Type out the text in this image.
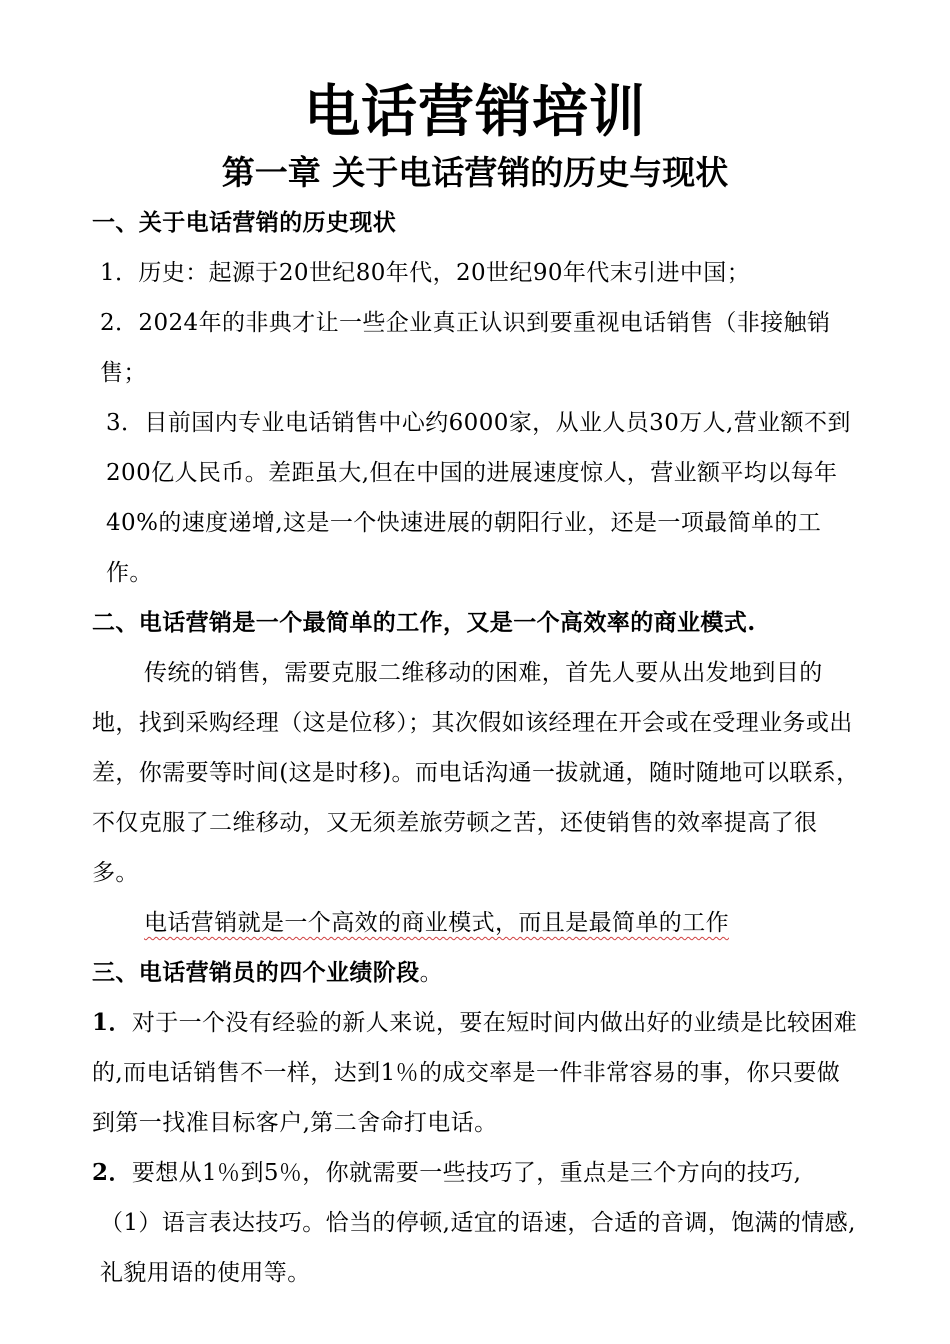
电话营销培训
第一章 关于电话营销的历史与现状

一、关于电话营销的历史现状

1．历史：起源于20世纪80年代，20世纪90年代末引进中国；

2．2024年的非典才让一些企业真正认识到要重视电话销售（非接触销售；

3．目前国内专业电话销售中心约6000家，从业人员30万人,营业额不到200亿人民币。差距虽大,但在中国的进展速度惊人，营业额平均以每年40%的速度递增,这是一个快速进展的朝阳行业，还是一项最简单的工作。

二、电话营销是一个最简单的工作，又是一个高效率的商业模式.

传统的销售，需要克服二维移动的困难，首先人要从出发地到目的地，找到采购经理（这是位移）；其次假如该经理在开会或在受理业务或出差，你需要等时间(这是时移)。而电话沟通一拔就通，随时随地可以联系，不仅克服了二维移动，又无须差旅劳顿之苦，还使销售的效率提高了很多。

电话营销就是一个高效的商业模式，而且是最简单的工作

三、电话营销员的四个业绩阶段。

1．对于一个没有经验的新人来说，要在短时间内做出好的业绩是比较困难的,而电话销售不一样，达到1％的成交率是一件非常容易的事，你只要做到第一找准目标客户,第二舍命打电话。

2．要想从1％到5％，你就需要一些技巧了，重点是三个方向的技巧,

（1）语言表达技巧。恰当的停顿,适宜的语速，合适的音调，饱满的情感,礼貌用语的使用等。
